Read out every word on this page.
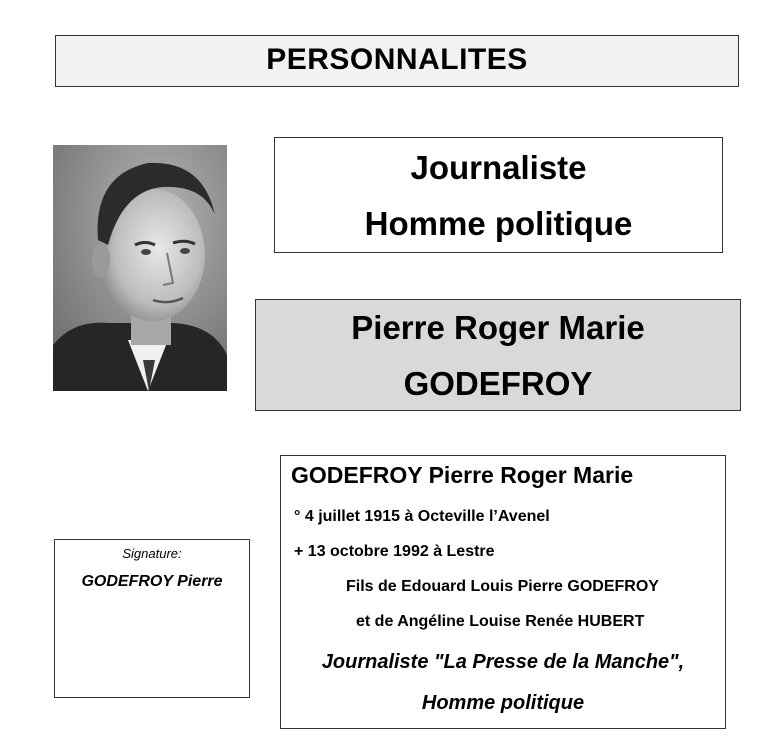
PERSONNALITES
Journaliste
Homme politique
Pierre Roger Marie
GODEFROY
Signature:
GODEFROY Pierre
GODEFROY Pierre Roger Marie
° 4 juillet 1915 à Octeville l’Avenel
+ 13 octobre 1992 à Lestre
Fils de Edouard Louis Pierre GODEFROY
et de Angéline Louise Renée HUBERT
Journaliste "La Presse de la Manche",
Homme politique
